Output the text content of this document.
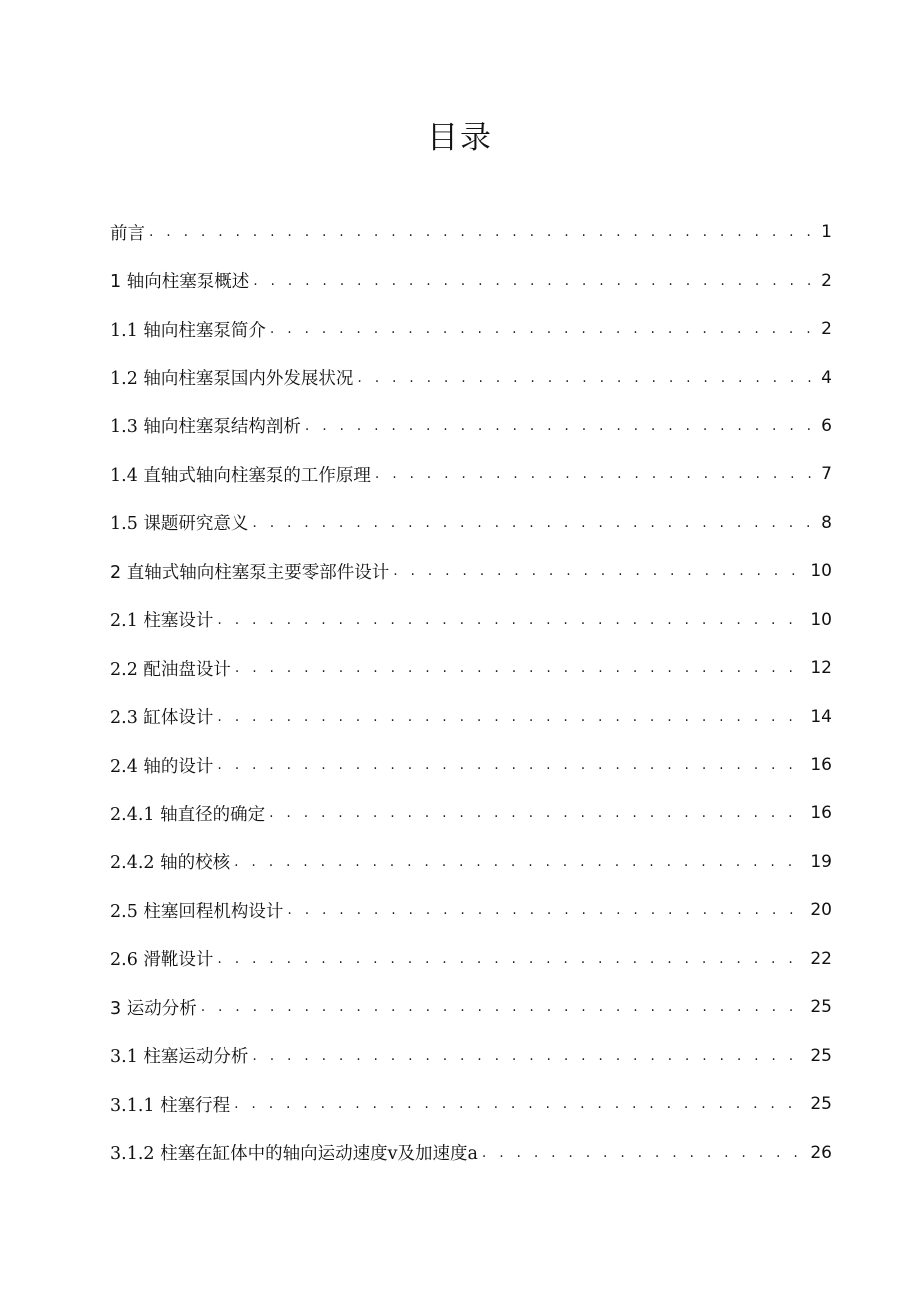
目录
前言 . . .	1
1 轴向柱塞泵概述 . . .	2
1.1 轴向柱塞泵简介 . . .	2
1.2 轴向柱塞泵国内外发展状况 . . .	4
1.3 轴向柱塞泵结构剖析 . . .	6
1.4 直轴式轴向柱塞泵的工作原理 . . .	7
1.5 课题研究意义 . . .	8
2 直轴式轴向柱塞泵主要零部件设计 . . .	10
2.1 柱塞设计 . . .	10
2.2 配油盘设计 . . .	12
2.3 缸体设计 . . .	14
2.4 轴的设计 . . .	16
2.4.1 轴直径的确定 . . .	16
2.4.2 轴的校核 . . .	19
2.5 柱塞回程机构设计 . . .	20
2.6 滑靴设计 . . .	22
3 运动分析 . . .	25
3.1 柱塞运动分析 . . .	25
3.1.1 柱塞行程 . . .	25
3.1.2 柱塞在缸体中的轴向运动速度v及加速度a . . .	26
